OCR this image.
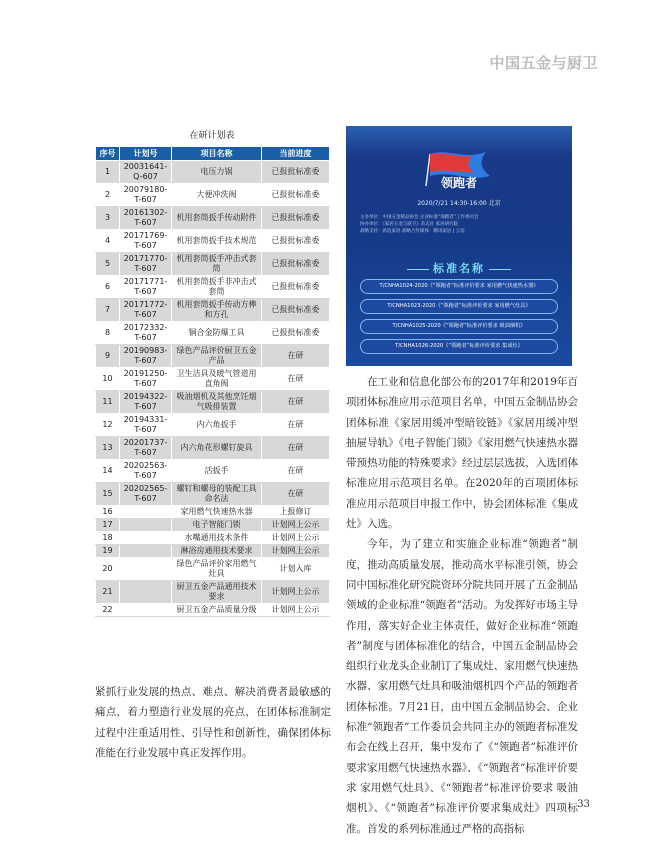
中国五金与厨卫
在研计划表
序号	计划号	项目名称	当前进度
1	20031641-Q-607	电压力锅	已报批标准委
2	20079180-T-607	大便冲洗阀	已报批标准委
3	20161302-T-607	机用套筒扳手传动附件	已报批标准委
4	20171769-T-607	机用套筒扳手技术规范	已报批标准委
5	20171770-T-607	机用套筒扳手冲击式套筒	已报批标准委
6	20171771-T-607	机用套筒扳手非冲击式套筒	已报批标准委
7	20171772-T-607	机用套筒扳手传动方榫和方孔	已报批标准委
8	20172332-T-607	铜合金防爆工具	已报批标准委
9	20190983-T-607	绿色产品评价厨卫五金产品	在研
10	20191250-T-607	卫生洁具及暖气管道用直角阀	在研
11	20194322-T-607	吸油烟机及其他烹饪烟气吸排装置	在研
12	20194331-T-607	内六角扳手	在研
13	20201737-T-607	内六角花形螺钉旋具	在研
14	20202563-T-607	活扳手	在研
15	20202565-T-607	螺钉和螺母的装配工具命名法	在研
16		家用燃气快速热水器	上报修订
17		电子智能门锁	计划网上公示
18		水嘴通用技术条件	计划网上公示
19		淋浴房通用技术要求	计划网上公示
20		绿色产品评价家用燃气灶具	计划入库
21		厨卫五金产品通用技术要求	计划网上公示
22		厨卫五金产品质量分级	计划网上公示
领跑者
2020/7/21 14:30-16:00 北京
主办单位：中国五金制品协会 企业标准“领跑者”工作委员会
协办单位：《家居五金与厨卫》杂志社 家居研究院
战略支持：新浪家居 战略合作媒体：腾讯家居 | 云房
标准名称
T/CNHA1024-2020《“领跑者”标准评价要求 家用燃气快速热水器》
T/CNHA1023-2020《“领跑者”标准评价要求 家用燃气灶具》
T/CNHA1025-2020《“领跑者”标准评价要求 吸油烟机》
T/CNHA1026-2020《“领跑者”标准评价要求 集成灶》

在工业和信息化部公布的2017年和2019年百项团体标准应用示范项目名单，中国五金制品协会团体标准《家居用缓冲型暗铰链》《家居用缓冲型抽屉导轨》《电子智能门锁》《家用燃气快速热水器 带预热功能的特殊要求》经过层层选拔，入选团体标准应用示范项目名单。在2020年的百项团体标准应用示范项目申报工作中，协会团体标准《集成灶》入选。

今年，为了建立和实施企业标准“领跑者”制度，推动高质量发展，推动高水平标准引领，协会同中国标准化研究院资环分院共同开展了五金制品领域的企业标准“领跑者”活动。为发挥好市场主导作用，落实好企业主体责任，做好企业标准“领跑者”制度与团体标准化的结合，中国五金制品协会组织行业龙头企业制订了集成灶、家用燃气快速热水器、家用燃气灶具和吸油烟机四个产品的领跑者团体标准。7月21日，由中国五金制品协会、企业标准“领跑者”工作委员会共同主办的领跑者标准发布会在线上召开，集中发布了《“领跑者”标准评价要求家用燃气快速热水器》、《“领跑者”标准评价要求 家用燃气灶具》、《“领跑者”标准评价要求 吸油烟机》、《“领跑者”标准评价要求集成灶》四项标准。首发的系列标准通过严格的高指标

紧抓行业发展的热点、难点、解决消费者最敏感的痛点，着力塑造行业发展的亮点，在团体标准制定过程中注重适用性、引导性和创新性，确保团体标准能在行业发展中真正发挥作用。

33
